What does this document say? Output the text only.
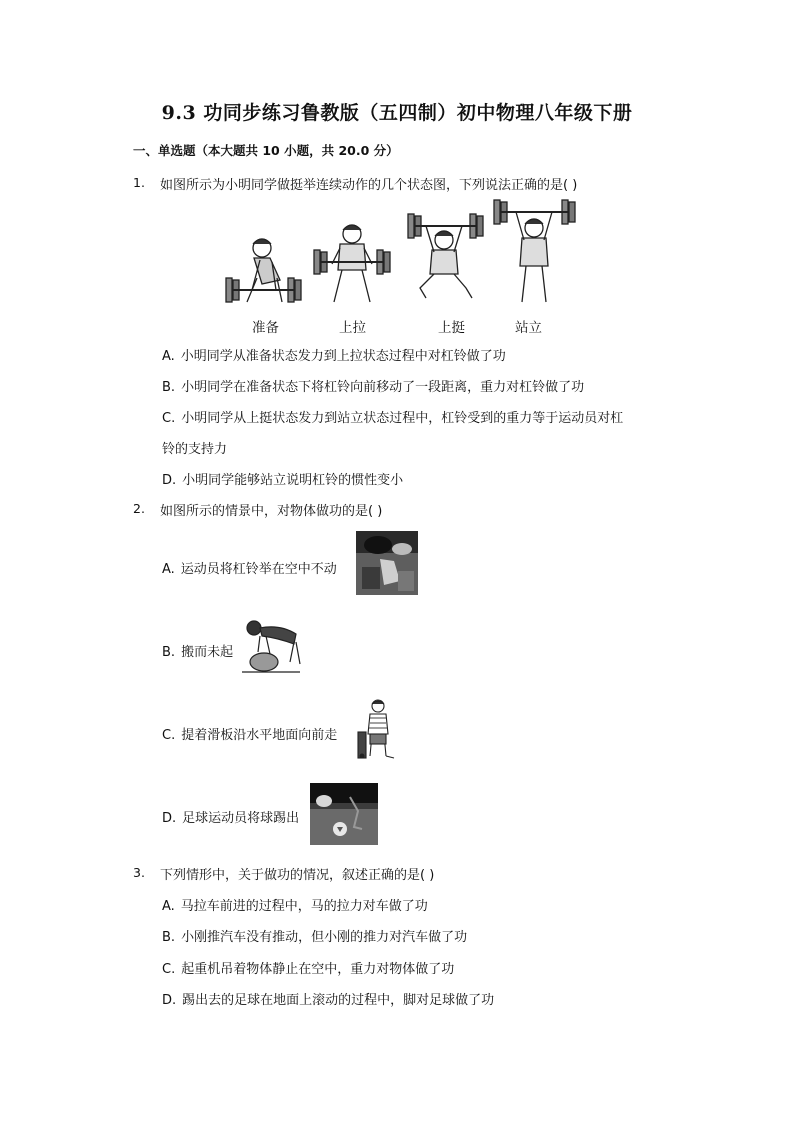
9.3 功同步练习鲁教版（五四制）初中物理八年级下册
一、单选题（本大题共 10 小题，共 20.0 分）
1. 如图所示为小明同学做挺举连续动作的几个状态图，下列说法正确的是( )
准备	上拉	上挺	站立
A. 小明同学从准备状态发力到上拉状态过程中对杠铃做了功
B. 小明同学在准备状态下将杠铃向前移动了一段距离，重力对杠铃做了功
C. 小明同学从上挺状态发力到站立状态过程中，杠铃受到的重力等于运动员对杠
铃的支持力
D. 小明同学能够站立说明杠铃的惯性变小
2. 如图所示的情景中，对物体做功的是( )
A. 运动员将杠铃举在空中不动
B. 搬而未起
C. 提着滑板沿水平地面向前走
D. 足球运动员将球踢出
3. 下列情形中，关于做功的情况，叙述正确的是( )
A. 马拉车前进的过程中，马的拉力对车做了功
B. 小刚推汽车没有推动，但小刚的推力对汽车做了功
C. 起重机吊着物体静止在空中，重力对物体做了功
D. 踢出去的足球在地面上滚动的过程中，脚对足球做了功
